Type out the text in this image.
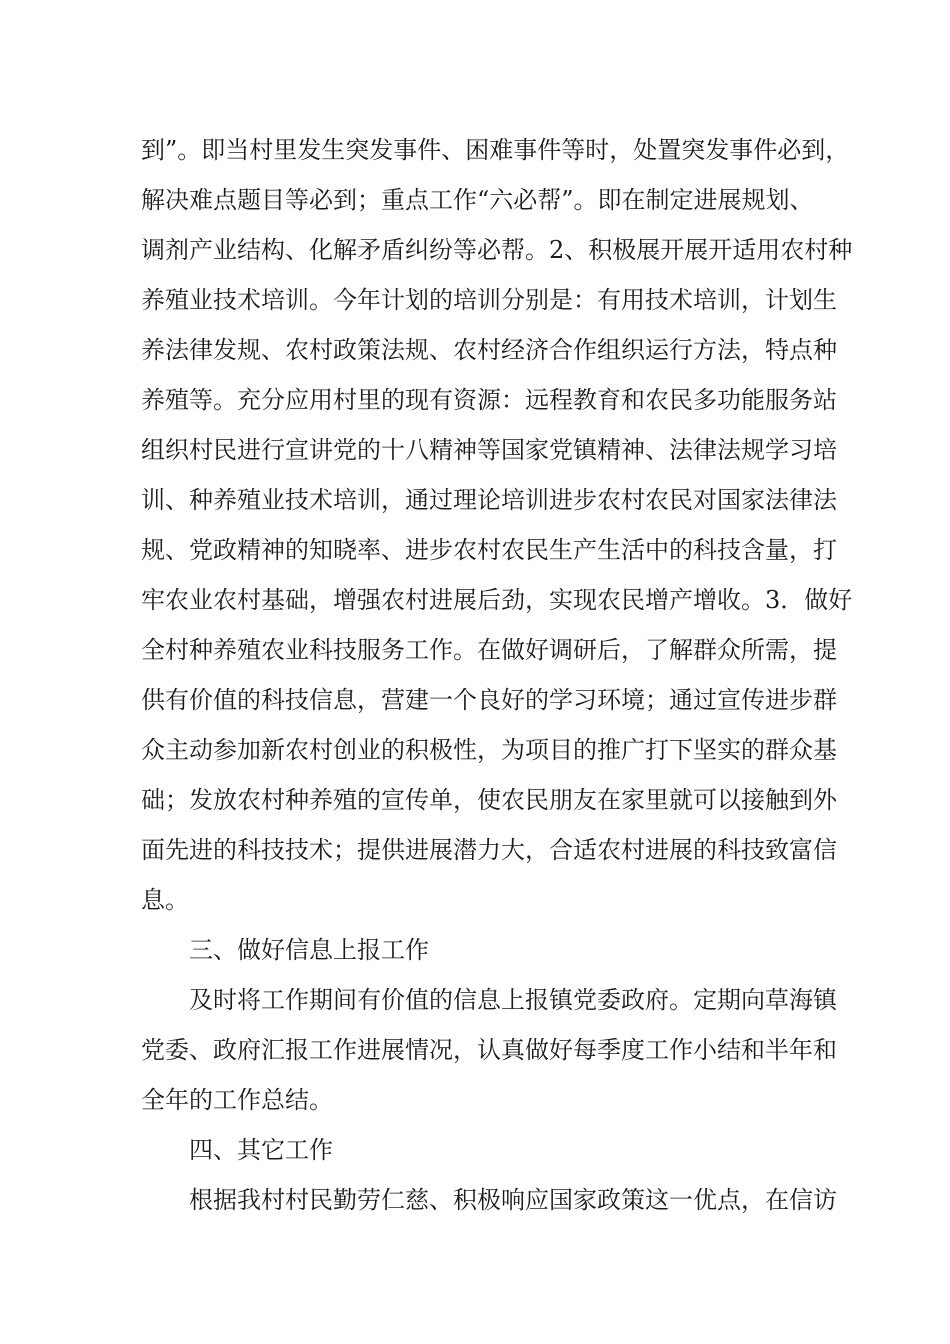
到”。即当村里发生突发事件、困难事件等时，处置突发事件必到，
解决难点题目等必到；重点工作“六必帮”。即在制定进展规划、
调剂产业结构、化解矛盾纠纷等必帮。2、积极展开展开适用农村种
养殖业技术培训。今年计划的培训分别是：有用技术培训，计划生
养法律发规、农村政策法规、农村经济合作组织运行方法，特点种
养殖等。充分应用村里的现有资源：远程教育和农民多功能服务站
组织村民进行宣讲党的十八精神等国家党镇精神、法律法规学习培
训、种养殖业技术培训，通过理论培训进步农村农民对国家法律法
规、党政精神的知晓率、进步农村农民生产生活中的科技含量，打
牢农业农村基础，增强农村进展后劲，实现农民增产增收。3．做好
全村种养殖农业科技服务工作。在做好调研后，了解群众所需，提
供有价值的科技信息，营建一个良好的学习环境；通过宣传进步群
众主动参加新农村创业的积极性，为项目的推广打下坚实的群众基
础；发放农村种养殖的宣传单，使农民朋友在家里就可以接触到外
面先进的科技技术；提供进展潜力大，合适农村进展的科技致富信
息。
三、做好信息上报工作
及时将工作期间有价值的信息上报镇党委政府。定期向草海镇
党委、政府汇报工作进展情况，认真做好每季度工作小结和半年和
全年的工作总结。
四、其它工作
根据我村村民勤劳仁慈、积极响应国家政策这一优点，在信访
